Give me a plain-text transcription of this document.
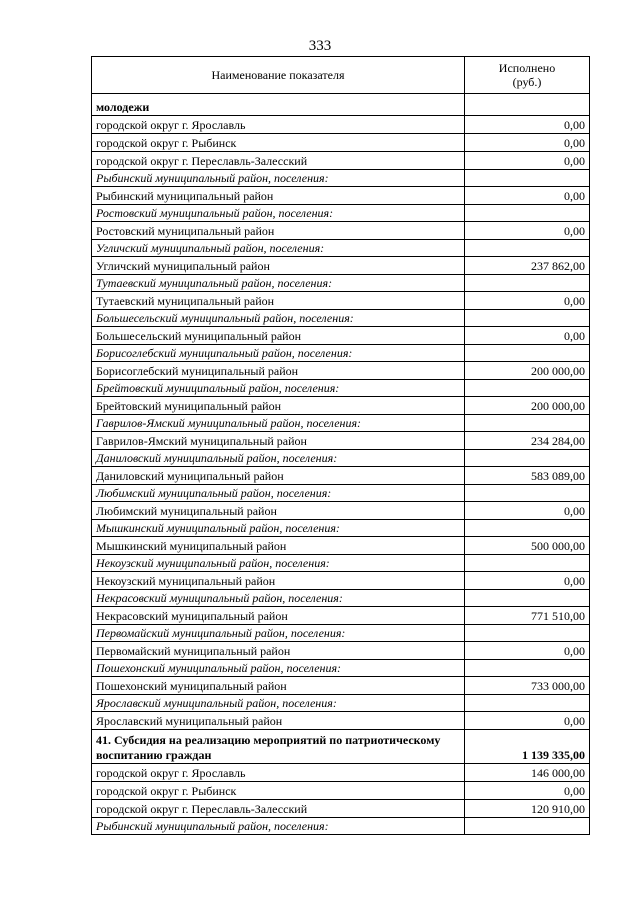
333
Наименование показателя	Исполнено
(руб.)
молодежи	
городской округ г. Ярославль	0,00
городской округ г. Рыбинск	0,00
городской округ г. Переславль-Залесский	0,00
Рыбинский муниципальный район, поселения:	
Рыбинский муниципальный район	0,00
Ростовский муниципальный район, поселения:	
Ростовский муниципальный район	0,00
Угличский муниципальный район, поселения:	
Угличский муниципальный район	237 862,00
Тутаевский муниципальный район, поселения:	
Тутаевский муниципальный район	0,00
Большесельский муниципальный район, поселения:	
Большесельский муниципальный район	0,00
Борисоглебский муниципальный район, поселения:	
Борисоглебский муниципальный район	200 000,00
Брейтовский муниципальный район, поселения:	
Брейтовский муниципальный район	200 000,00
Гаврилов-Ямский муниципальный район, поселения:	
Гаврилов-Ямский муниципальный район	234 284,00
Даниловский муниципальный район, поселения:	
Даниловский муниципальный район	583 089,00
Любимский муниципальный район, поселения:	
Любимский муниципальный район	0,00
Мышкинский муниципальный район, поселения:	
Мышкинский муниципальный район	500 000,00
Некоузский муниципальный район, поселения:	
Некоузский муниципальный район	0,00
Некрасовский муниципальный район, поселения:	
Некрасовский муниципальный район	771 510,00
Первомайский муниципальный район, поселения:	
Первомайский муниципальный район	0,00
Пошехонский муниципальный район, поселения:	
Пошехонский муниципальный район	733 000,00
Ярославский муниципальный район, поселения:	
Ярославский муниципальный район	0,00
41. Субсидия на реализацию мероприятий по патриотическому воспитанию граждан	1 139 335,00
городской округ г. Ярославль	146 000,00
городской округ г. Рыбинск	0,00
городской округ г. Переславль-Залесский	120 910,00
Рыбинский муниципальный район, поселения:	
